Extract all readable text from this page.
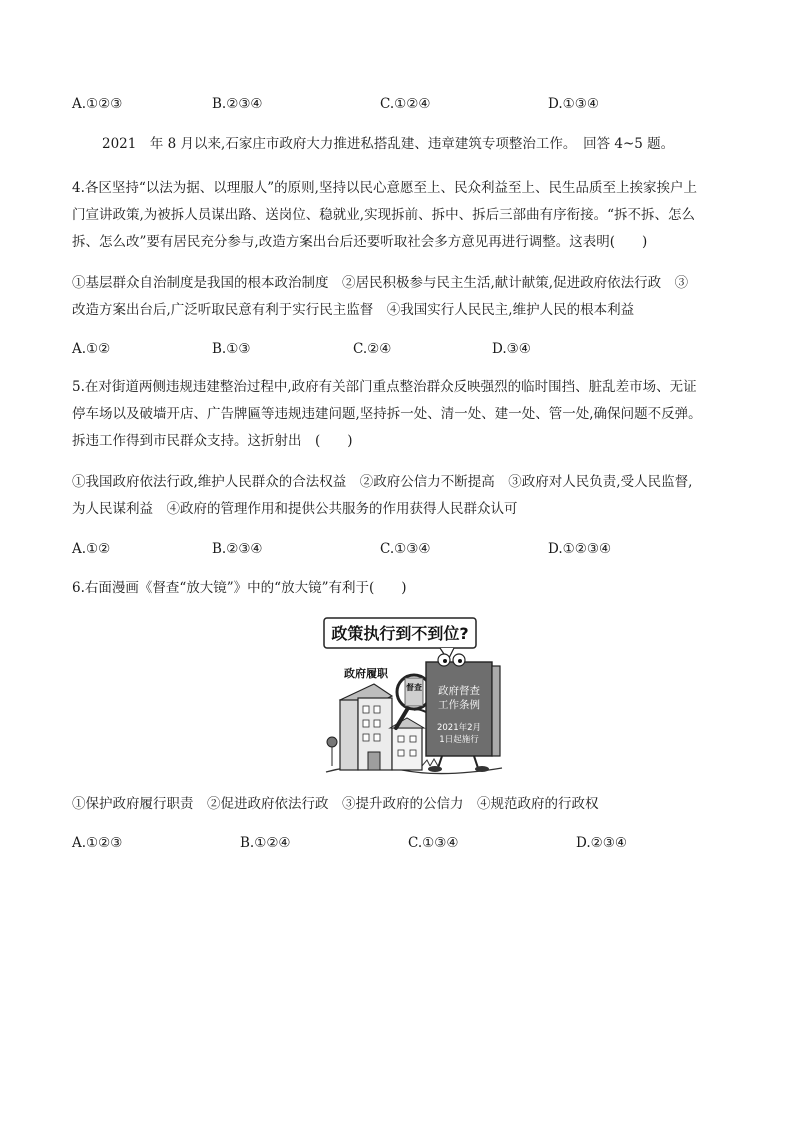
A.①②③	B.②③④	C.①②④	D.①③④
2021　年 8 月以来,石家庄市政府大力推进私搭乱建、违章建筑专项整治工作。　回答 4~5 题。
4.各区坚持“以法为据、以理服人”的原则,坚持以民心意愿至上、民众利益至上、民生品质至上挨家挨户上
门宣讲政策,为被拆人员谋出路、送岗位、稳就业,实现拆前、拆中、拆后三部曲有序衔接。“拆不拆、怎么
拆、怎么改”要有居民充分参与,改造方案出台后还要听取社会多方意见再进行调整。这表明(　　)
①基层群众自治制度是我国的根本政治制度　②居民积极参与民主生活,献计献策,促进政府依法行政　③
改造方案出台后,广泛听取民意有利于实行民主监督　④我国实行人民民主,维护人民的根本利益
A.①②	B.①③	C.②④	D.③④
5.在对街道两侧违规违建整治过程中,政府有关部门重点整治群众反映强烈的临时围挡、脏乱差市场、无证
停车场以及破墙开店、广告牌匾等违规违建问题,坚持拆一处、清一处、建一处、管一处,确保问题不反弹。
拆违工作得到市民群众支持。这折射出　(　　)
①我国政府依法行政,维护人民群众的合法权益　②政府公信力不断提高　③政府对人民负责,受人民监督,
为人民谋利益　④政府的管理作用和提供公共服务的作用获得人民群众认可
A.①②	B.②③④	C.①③④	D.①②③④
6.右面漫画《督查“放大镜”》中的“放大镜”有利于(　　)
政策执行到不到位?
政府履职
督查 政府督查
工作条例
2021年2月
1日起施行
①保护政府履行职责　②促进政府依法行政　③提升政府的公信力　④规范政府的行政权
A.①②③	B.①②④	C.①③④	D.②③④
